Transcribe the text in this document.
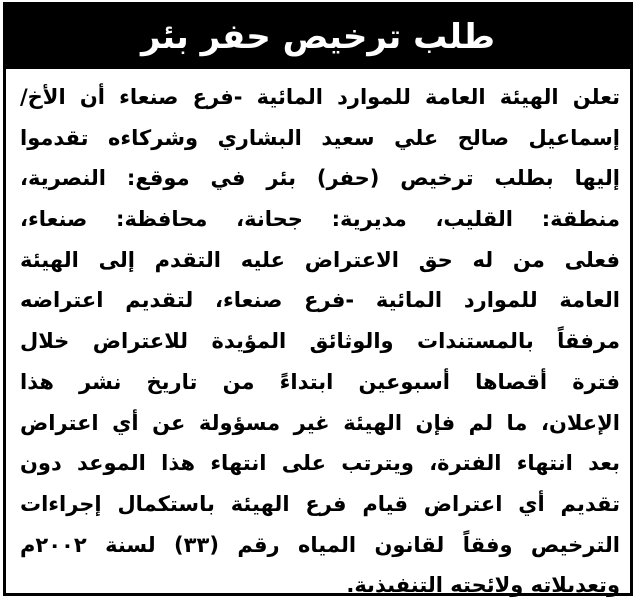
طلب ترخيص حفر بئر
تعلن الهيئة العامة للموارد المائية -فرع صنعاء أن الأخ/
إسماعيل صالح علي سعيد البشاري وشركاءه تقدموا
إليها بطلب ترخيص (حفر) بئر في موقع: النصرية،
منطقة: القليب، مديرية: جحانة، محافظة: صنعاء،
فعلى من له حق الاعتراض عليه التقدم إلى الهيئة
العامة للموارد المائية -فرع صنعاء، لتقديم اعتراضه
مرفقاً بالمستندات والوثائق المؤيدة للاعتراض خلال
فترة أقصاها أسبوعين ابتداءً من تاريخ نشر هذا
الإعلان، ما لم فإن الهيئة غير مسؤولة عن أي اعتراض
بعد انتهاء الفترة، ويترتب على انتهاء هذا الموعد دون
تقديم أي اعتراض قيام فرع الهيئة باستكمال إجراءات
الترخيص وفقاً لقانون المياه رقم (٣٣) لسنة ٢٠٠٢م
وتعديلاته ولائحته التنفيذية.
